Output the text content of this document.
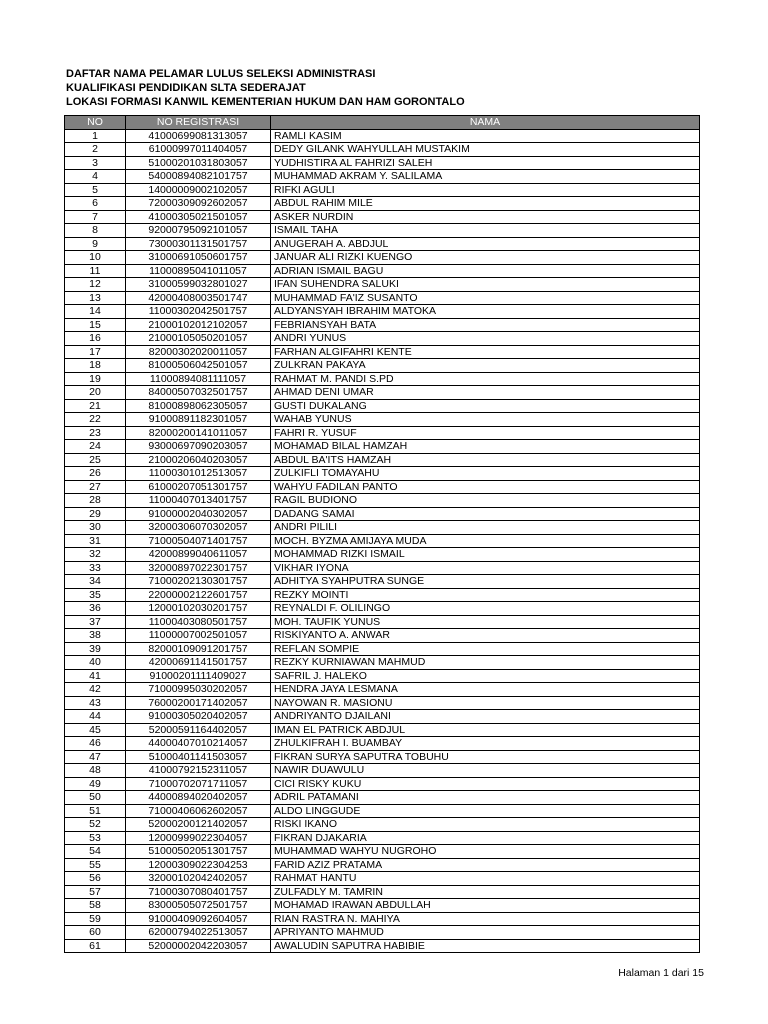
DAFTAR NAMA PELAMAR LULUS SELEKSI ADMINISTRASI
KUALIFIKASI PENDIDIKAN SLTA SEDERAJAT
LOKASI FORMASI KANWIL KEMENTERIAN HUKUM DAN HAM GORONTALO
NO	NO REGISTRASI	NAMA
1	41000699081313057	RAMLI KASIM
2	61000997011404057	DEDY GILANK WAHYULLAH MUSTAKIM
3	51000201031803057	YUDHISTIRA AL FAHRIZI SALEH
4	54000894082101757	MUHAMMAD AKRAM Y. SALILAMA
5	14000009002102057	RIFKI AGULI
6	72000309092602057	ABDUL RAHIM MILE
7	41000305021501057	ASKER NURDIN
8	92000795092101057	ISMAIL TAHA
9	73000301131501757	ANUGERAH A. ABDJUL
10	31000691050601757	JANUAR ALI RIZKI KUENGO
11	11000895041011057	ADRIAN ISMAIL BAGU
12	31000599032801027	IFAN SUHENDRA SALUKI
13	42000408003501747	MUHAMMAD FA'IZ SUSANTO
14	11000302042501757	ALDYANSYAH IBRAHIM MATOKA
15	21000102012102057	FEBRIANSYAH BATA
16	21000105050201057	ANDRI YUNUS
17	82000302020011057	FARHAN ALGIFAHRI KENTE
18	81000506042501057	ZULKRAN PAKAYA
19	11000894081111057	RAHMAT M. PANDI S.PD
20	84000507032501757	AHMAD DENI UMAR
21	81000898062305057	GUSTI DUKALANG
22	91000891182301057	WAHAB YUNUS
23	82000200141011057	FAHRI R. YUSUF
24	93000697090203057	MOHAMAD BILAL HAMZAH
25	21000206040203057	ABDUL BA'ITS HAMZAH
26	11000301012513057	ZULKIFLI TOMAYAHU
27	61000207051301757	WAHYU FADILAN PANTO
28	11000407013401757	RAGIL BUDIONO
29	91000002040302057	DADANG SAMAI
30	32000306070302057	ANDRI PILILI
31	71000504071401757	MOCH. BYZMA AMIJAYA MUDA
32	42000899040611057	MOHAMMAD RIZKI ISMAIL
33	32000897022301757	VIKHAR IYONA
34	71000202130301757	ADHITYA SYAHPUTRA SUNGE
35	22000002122601757	REZKY MOINTI
36	12000102030201757	REYNALDI F. OLILINGO
37	11000403080501757	MOH. TAUFIK YUNUS
38	11000007002501057	RISKIYANTO A. ANWAR
39	82000109091201757	REFLAN SOMPIE
40	42000691141501757	REZKY KURNIAWAN MAHMUD
41	91000201111409027	SAFRIL J. HALEKO
42	71000995030202057	HENDRA JAYA LESMANA
43	76000200171402057	NAYOWAN R. MASIONU
44	91000305020402057	ANDRIYANTO DJAILANI
45	52000591164402057	IMAN EL PATRICK ABDJUL
46	44000407010214057	ZHULKIFRAH I. BUAMBAY
47	51000401141503057	FIKRAN SURYA SAPUTRA TOBUHU
48	41000792152311057	NAWIR DUAWULU
49	71000702071711057	CICI RISKY KUKU
50	44000894020402057	ADRIL PATAMANI
51	71000406062602057	ALDO LINGGUDE
52	52000200121402057	RISKI IKANO
53	12000999022304057	FIKRAN DJAKARIA
54	51000502051301757	MUHAMMAD WAHYU NUGROHO
55	12000309022304253	FARID AZIZ PRATAMA
56	32000102042402057	RAHMAT HANTU
57	71000307080401757	ZULFADLY M. TAMRIN
58	83000505072501757	MOHAMAD IRAWAN ABDULLAH
59	91000409092604057	RIAN RASTRA N. MAHIYA
60	62000794022513057	APRIYANTO MAHMUD
61	52000002042203057	AWALUDIN SAPUTRA HABIBIE
Halaman 1 dari 15
